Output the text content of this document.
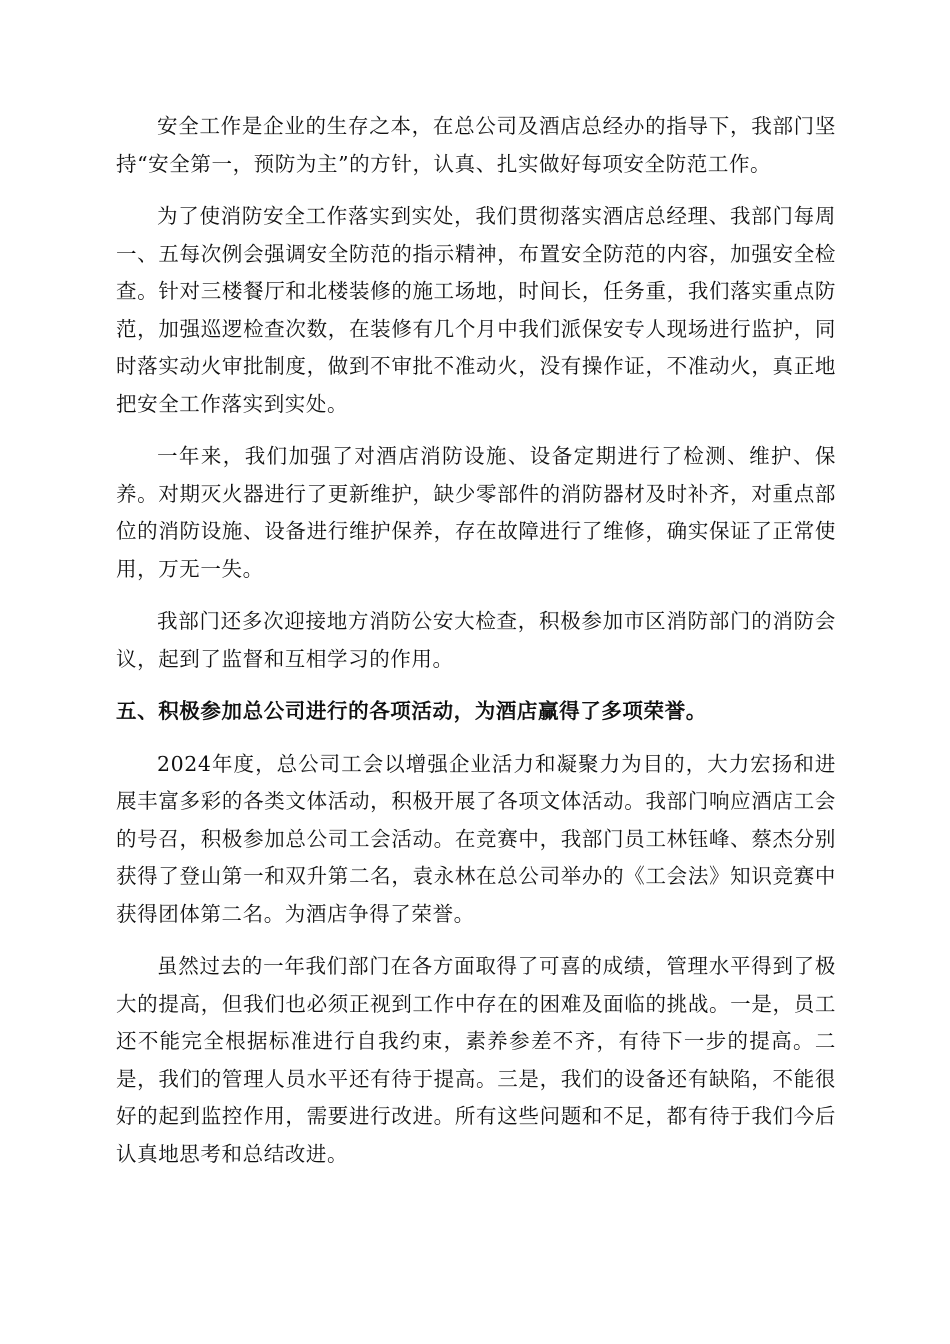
安全工作是企业的生存之本，在总公司及酒店总经办的指导下，我部门坚持“安全第一，预防为主”的方针，认真、扎实做好每项安全防范工作。

为了使消防安全工作落实到实处，我们贯彻落实酒店总经理、我部门每周一、五每次例会强调安全防范的指示精神，布置安全防范的内容，加强安全检查。针对三楼餐厅和北楼装修的施工场地，时间长，任务重，我们落实重点防范，加强巡逻检查次数，在装修有几个月中我们派保安专人现场进行监护，同时落实动火审批制度，做到不审批不准动火，没有操作证，不准动火，真正地把安全工作落实到实处。

一年来，我们加强了对酒店消防设施、设备定期进行了检测、维护、保养。对期灭火器进行了更新维护，缺少零部件的消防器材及时补齐，对重点部位的消防设施、设备进行维护保养，存在故障进行了维修，确实保证了正常使用，万无一失。

我部门还多次迎接地方消防公安大检查，积极参加市区消防部门的消防会议，起到了监督和互相学习的作用。

五、积极参加总公司进行的各项活动，为酒店赢得了多项荣誉。

2024年度，总公司工会以增强企业活力和凝聚力为目的，大力宏扬和进展丰富多彩的各类文体活动，积极开展了各项文体活动。我部门响应酒店工会的号召，积极参加总公司工会活动。在竞赛中，我部门员工林钰峰、蔡杰分别获得了登山第一和双升第二名，袁永林在总公司举办的《工会法》知识竞赛中获得团体第二名。为酒店争得了荣誉。

虽然过去的一年我们部门在各方面取得了可喜的成绩，管理水平得到了极大的提高，但我们也必须正视到工作中存在的困难及面临的挑战。一是，员工还不能完全根据标准进行自我约束，素养参差不齐，有待下一步的提高。二是，我们的管理人员水平还有待于提高。三是，我们的设备还有缺陷，不能很好的起到监控作用，需要进行改进。所有这些问题和不足，都有待于我们今后认真地思考和总结改进。
